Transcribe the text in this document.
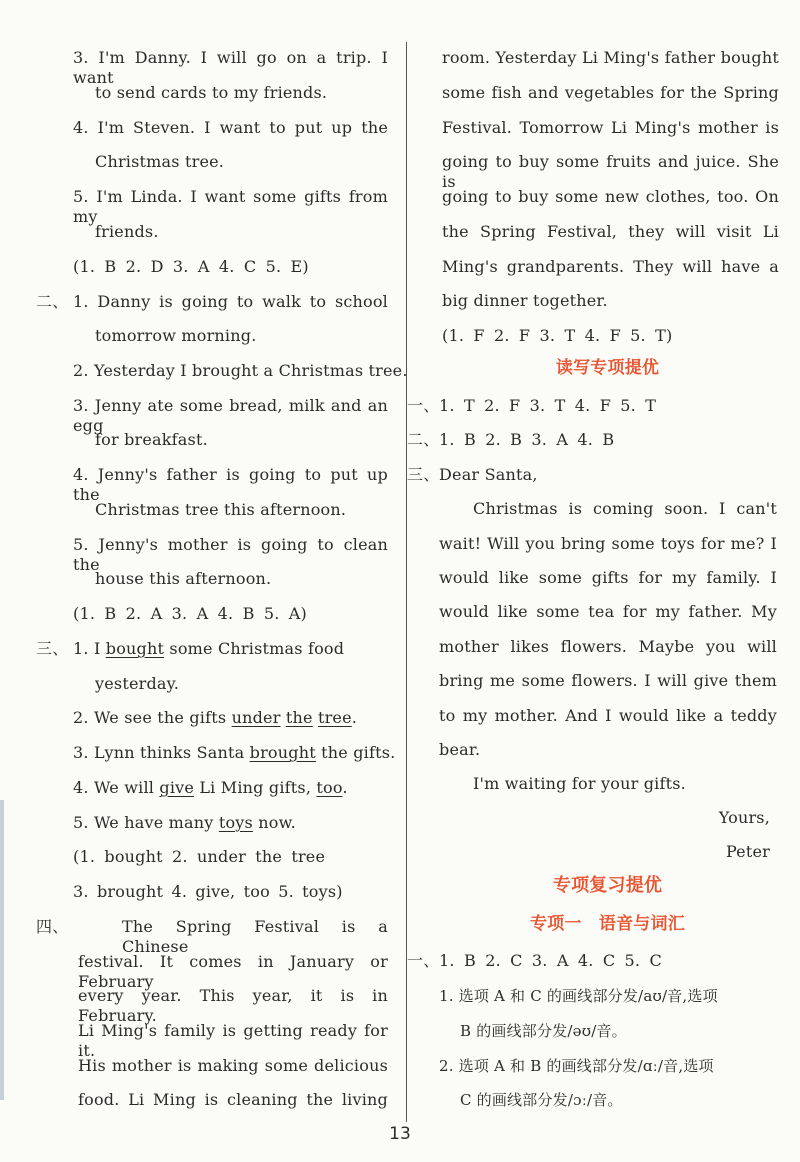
3. I'm Danny. I will go on a trip. I want
to send cards to my friends.
4. I'm Steven. I want to put up the
Christmas tree.
5. I'm Linda. I want some gifts from my
friends.
(1. B 2. D 3. A 4. C 5. E)
二、 1. Danny is going to walk to school
tomorrow morning.
2. Yesterday I brought a Christmas tree.
3. Jenny ate some bread, milk and an egg
for breakfast.
4. Jenny's father is going to put up the
Christmas tree this afternoon.
5. Jenny's mother is going to clean the
house this afternoon.
(1. B 2. A 3. A 4. B 5. A)
三、 1. I bought some Christmas food
yesterday.
2. We see the gifts under the tree.
3. Lynn thinks Santa brought the gifts.
4. We will give Li Ming gifts, too.
5. We have many toys now.
(1. bought 2. under the tree
3. brought 4. give, too 5. toys)
四、	The Spring Festival is a Chinese
festival. It comes in January or February
every year. This year, it is in February.
Li Ming's family is getting ready for it.
His mother is making some delicious
food. Li Ming is cleaning the living
room. Yesterday Li Ming's father bought
some fish and vegetables for the Spring
Festival. Tomorrow Li Ming's mother is
going to buy some fruits and juice. She is
going to buy some new clothes, too. On
the Spring Festival, they will visit Li
Ming's grandparents. They will have a
big dinner together.
(1. F 2. F 3. T 4. F 5. T)
读写专项提优
一、 1. T 2. F 3. T 4. F 5. T
二、 1. B 2. B 3. A 4. B
三、 Dear Santa,
Christmas is coming soon. I can't
wait! Will you bring some toys for me? I
would like some gifts for my family. I
would like some tea for my father. My
mother likes flowers. Maybe you will
bring me some flowers. I will give them
to my mother. And I would like a teddy
bear.
I'm waiting for your gifts.
Yours,
Peter
专项复习提优
专项一　语音与词汇
一、 1. B 2. C 3. A 4. C 5. C
1. 选项 A 和 C 的画线部分发/aʊ/音,选项
B 的画线部分发/əʊ/音。
2. 选项 A 和 B 的画线部分发/ɑː/音,选项
C 的画线部分发/ɔː/音。
13
